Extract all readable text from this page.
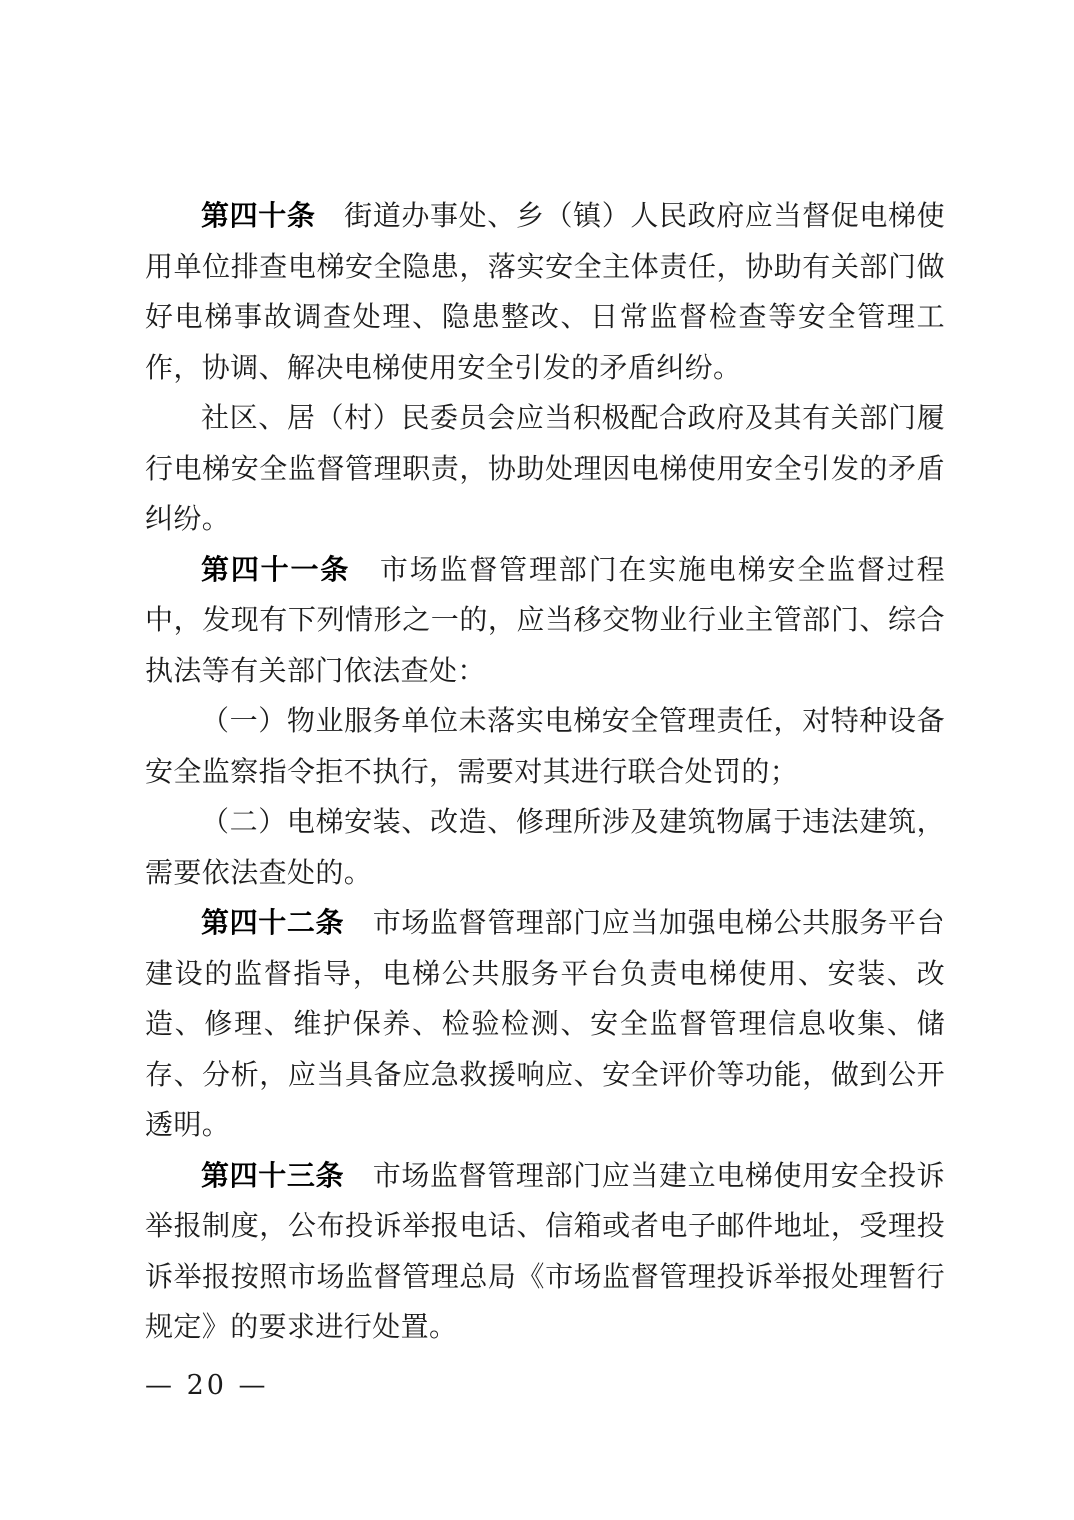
第四十条 街道办事处、乡（镇）人民政府应当督促电梯使用单位排查电梯安全隐患，落实安全主体责任，协助有关部门做好电梯事故调查处理、隐患整改、日常监督检查等安全管理工作，协调、解决电梯使用安全引发的矛盾纠纷。

社区、居（村）民委员会应当积极配合政府及其有关部门履行电梯安全监督管理职责，协助处理因电梯使用安全引发的矛盾纠纷。

第四十一条 市场监督管理部门在实施电梯安全监督过程中，发现有下列情形之一的，应当移交物业行业主管部门、综合执法等有关部门依法查处：

（一）物业服务单位未落实电梯安全管理责任，对特种设备安全监察指令拒不执行，需要对其进行联合处罚的；

（二）电梯安装、改造、修理所涉及建筑物属于违法建筑，需要依法查处的。

第四十二条 市场监督管理部门应当加强电梯公共服务平台建设的监督指导，电梯公共服务平台负责电梯使用、安装、改造、修理、维护保养、检验检测、安全监督管理信息收集、储存、分析，应当具备应急救援响应、安全评价等功能，做到公开透明。

第四十三条 市场监督管理部门应当建立电梯使用安全投诉举报制度，公布投诉举报电话、信箱或者电子邮件地址，受理投诉举报按照市场监督管理总局《市场监督管理投诉举报处理暂行规定》的要求进行处置。

— 20 —
